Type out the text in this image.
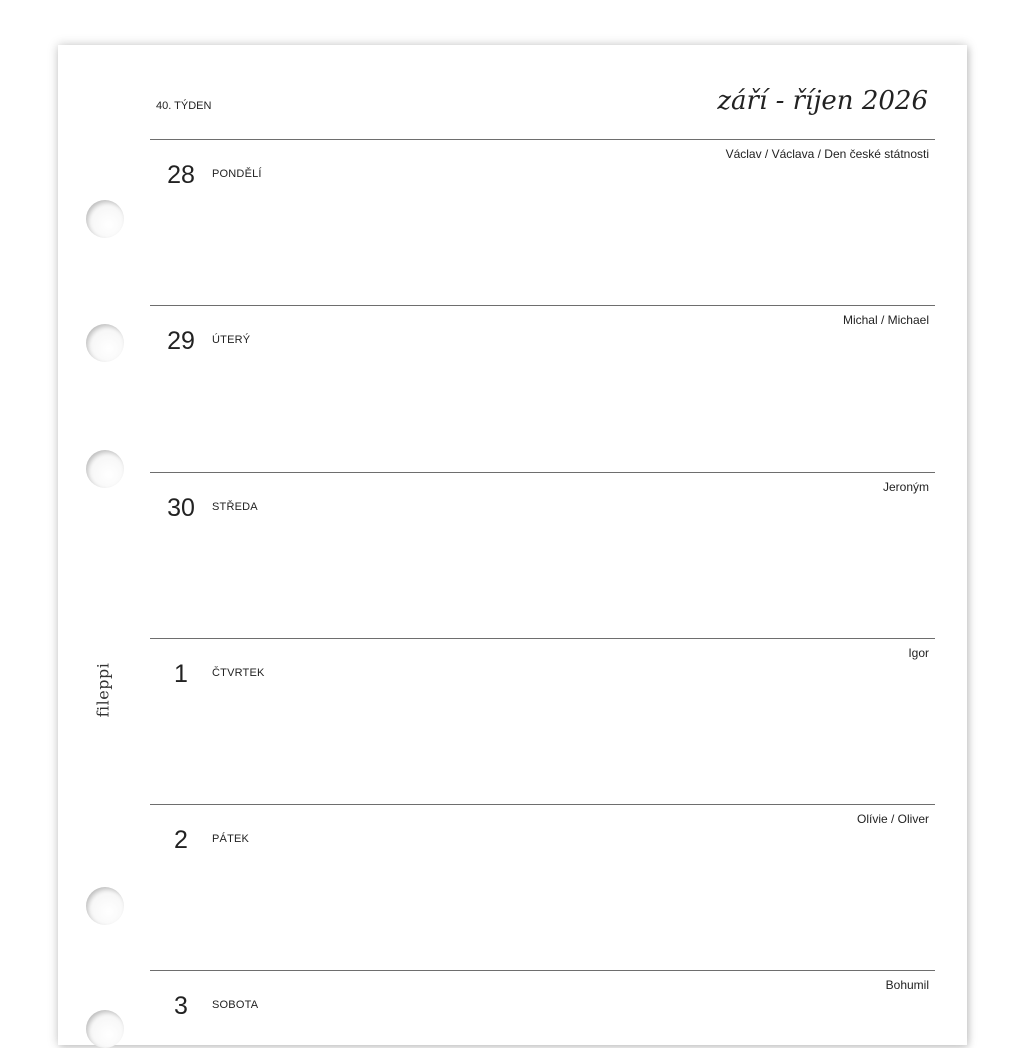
fileppi
40. TÝDEN	září - říjen 2026
28 PONDĚLÍ
Václav / Václava / Den české státnosti
29 ÚTERÝ
Michal / Michael
30 STŘEDA
Jeroným
1	ČTVRTEK
Igor
2	PÁTEK
Olívie / Oliver
3	SOBOTA
Bohumil
